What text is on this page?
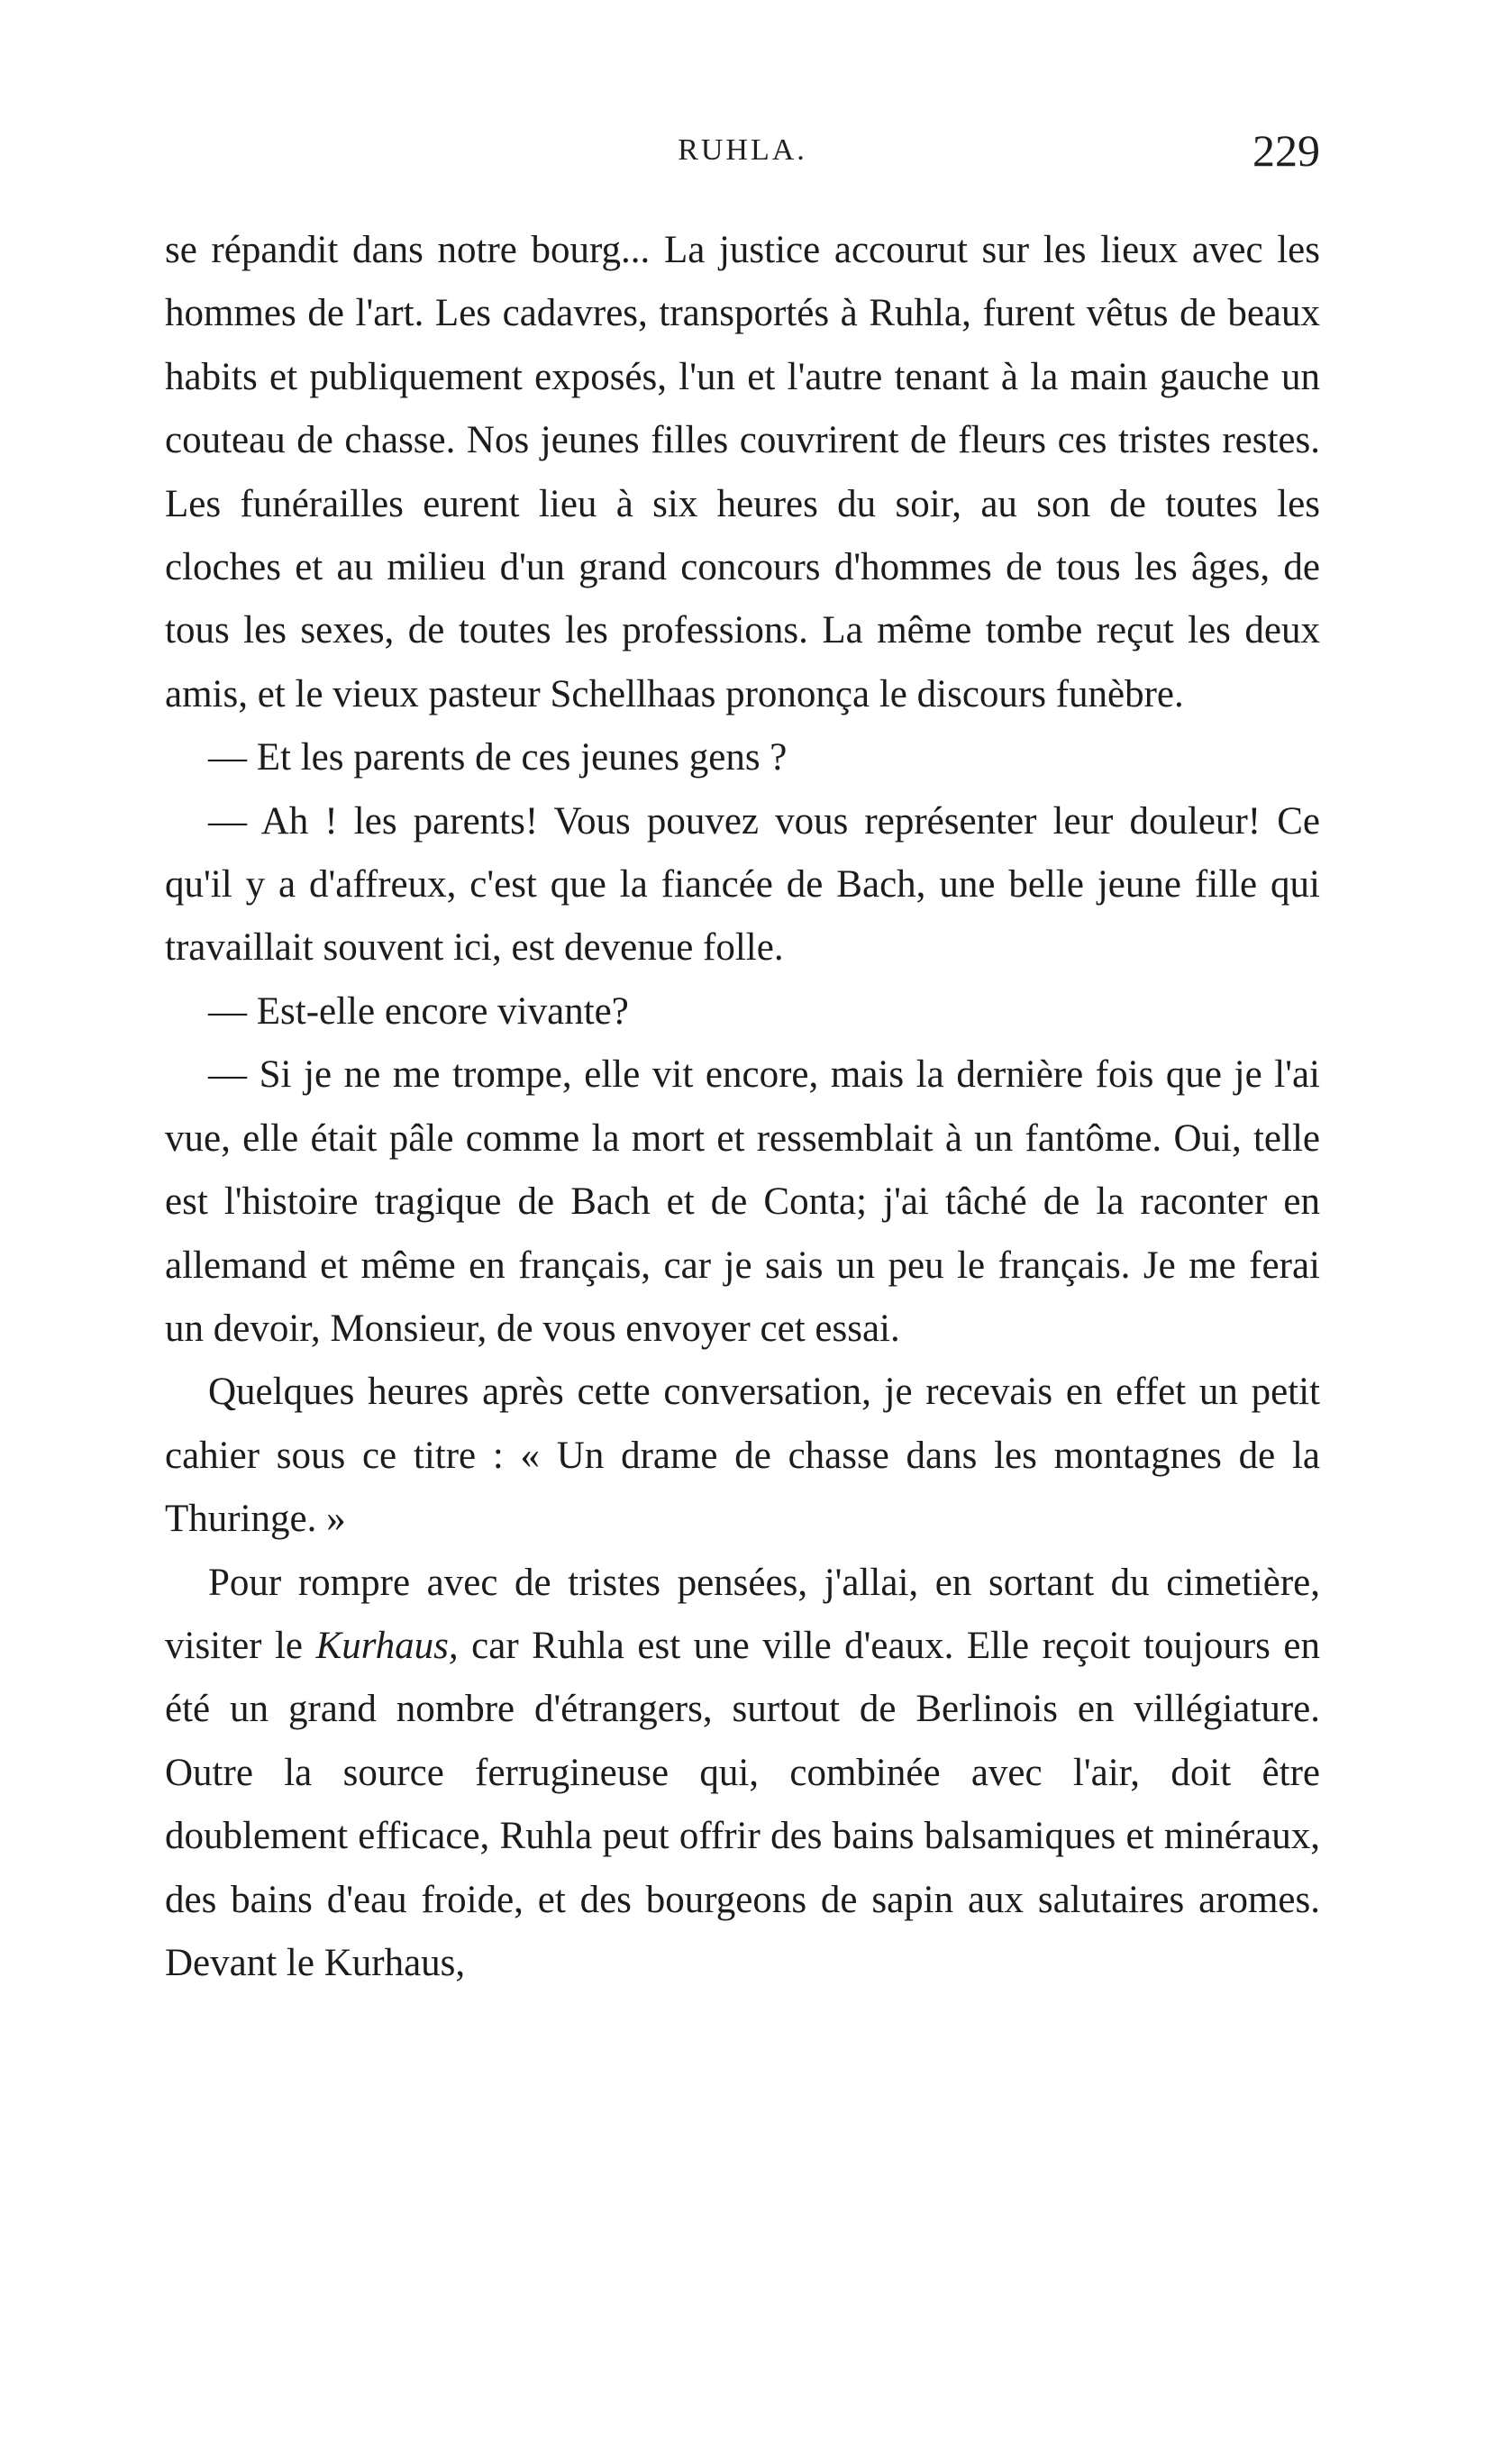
RUHLA.	229

se répandit dans notre bourg... La justice accourut sur les lieux avec les hommes de l'art. Les cadavres, transportés à Ruhla, furent vêtus de beaux habits et publiquement exposés, l'un et l'autre tenant à la main gauche un couteau de chasse. Nos jeunes filles couvrirent de fleurs ces tristes restes. Les funérailles eurent lieu à six heures du soir, au son de toutes les cloches et au milieu d'un grand concours d'hommes de tous les âges, de tous les sexes, de toutes les professions. La même tombe reçut les deux amis, et le vieux pasteur Schellhaas prononça le discours funèbre.

— Et les parents de ces jeunes gens ?

— Ah ! les parents! Vous pouvez vous représenter leur douleur! Ce qu'il y a d'affreux, c'est que la fiancée de Bach, une belle jeune fille qui travaillait souvent ici, est devenue folle.

— Est-elle encore vivante?

— Si je ne me trompe, elle vit encore, mais la dernière fois que je l'ai vue, elle était pâle comme la mort et ressemblait à un fantôme. Oui, telle est l'histoire tragique de Bach et de Conta; j'ai tâché de la raconter en allemand et même en français, car je sais un peu le français. Je me ferai un devoir, Monsieur, de vous envoyer cet essai.

Quelques heures après cette conversation, je recevais en effet un petit cahier sous ce titre : « Un drame de chasse dans les montagnes de la Thuringe. »

Pour rompre avec de tristes pensées, j'allai, en sortant du cimetière, visiter le Kurhaus, car Ruhla est une ville d'eaux. Elle reçoit toujours en été un grand nombre d'étrangers, surtout de Berlinois en villégiature. Outre la source ferrugineuse qui, combinée avec l'air, doit être doublement efficace, Ruhla peut offrir des bains balsamiques et minéraux, des bains d'eau froide, et des bourgeons de sapin aux salutaires aromes. Devant le Kurhaus,
